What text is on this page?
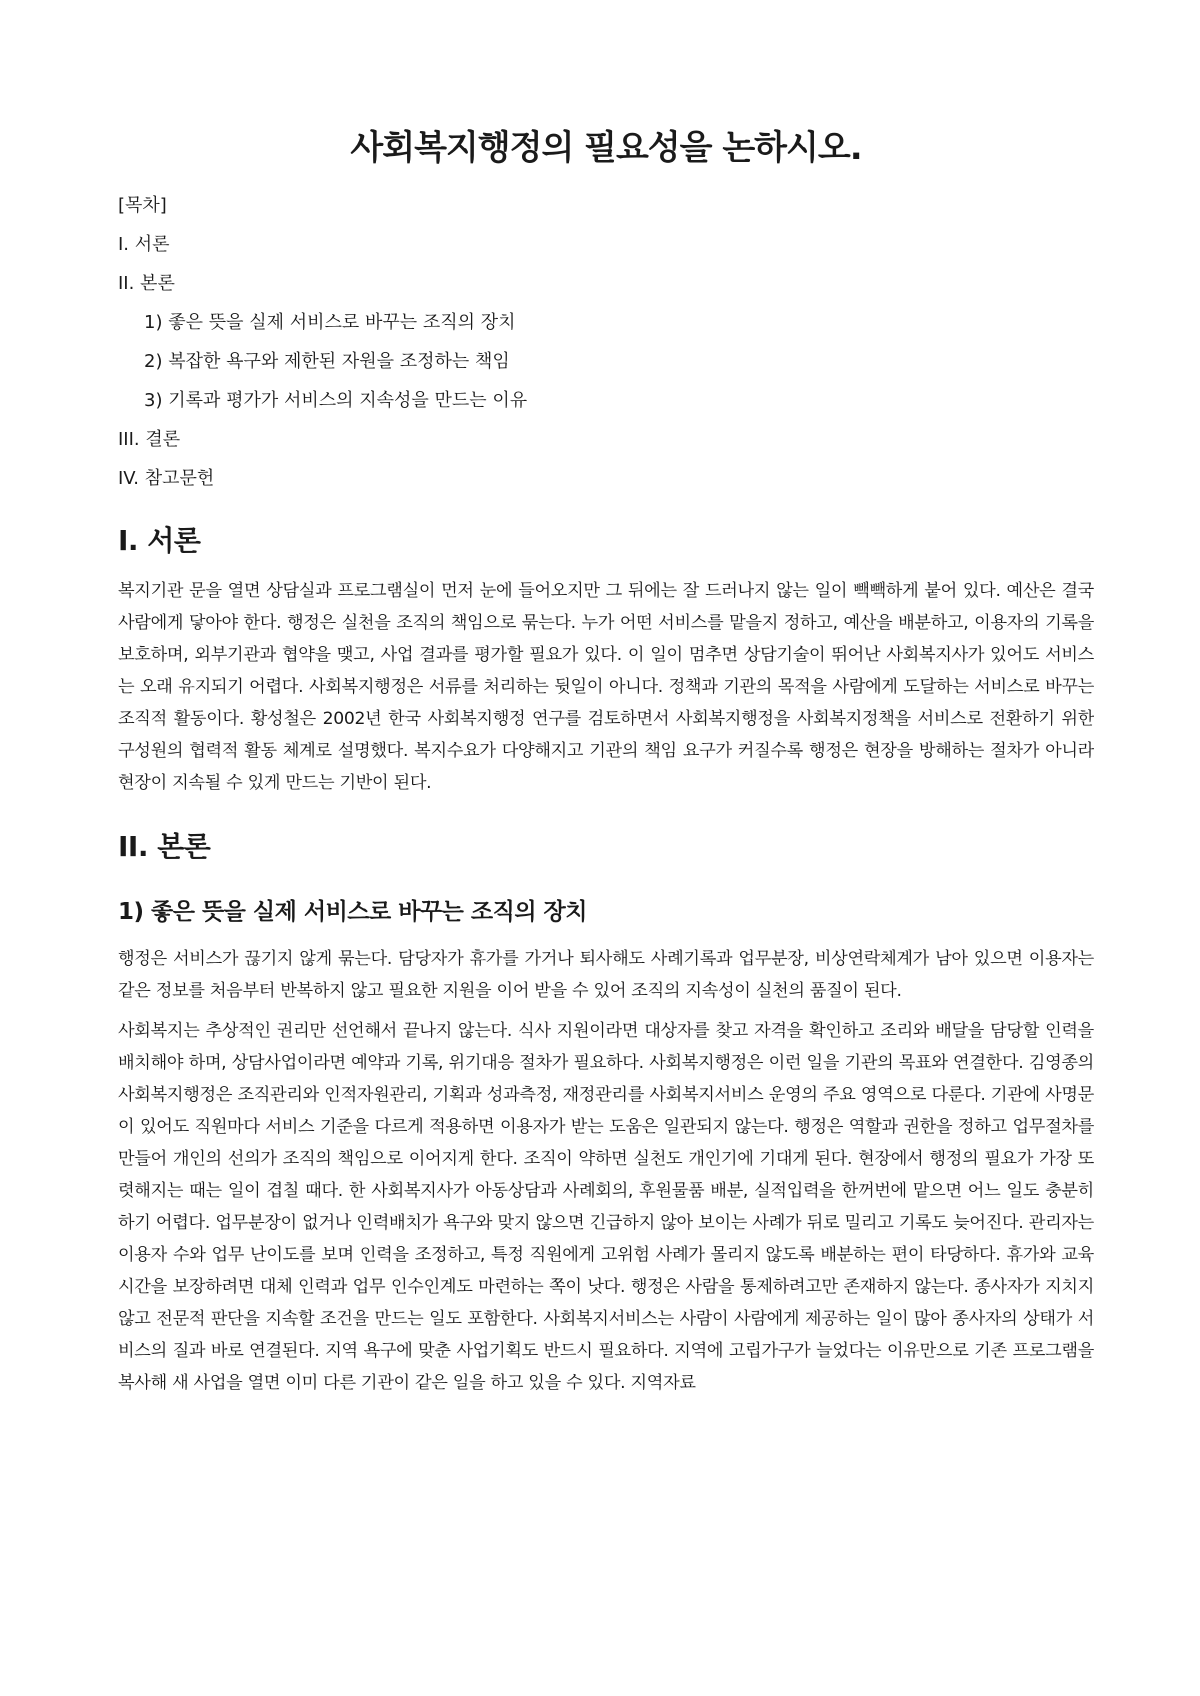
사회복지행정의 필요성을 논하시오.
[목차]
I. 서론
II. 본론
1) 좋은 뜻을 실제 서비스로 바꾸는 조직의 장치
2) 복잡한 욕구와 제한된 자원을 조정하는 책임
3) 기록과 평가가 서비스의 지속성을 만드는 이유
III. 결론
IV. 참고문헌
I. 서론

복지기관 문을 열면 상담실과 프로그램실이 먼저 눈에 들어오지만 그 뒤에는 잘 드러나지 않는 일이 빽빽하게 붙어 있다. 예산은 결국 사람에게 닿아야 한다. 행정은 실천을 조직의 책임으로 묶는다. 누가 어떤 서비스를 맡을지 정하고, 예산을 배분하고, 이용자의 기록을 보호하며, 외부기관과 협약을 맺고, 사업 결과를 평가할 필요가 있다. 이 일이 멈추면 상담기술이 뛰어난 사회복지사가 있어도 서비스는 오래 유지되기 어렵다. 사회복지행정은 서류를 처리하는 뒷일이 아니다. 정책과 기관의 목적을 사람에게 도달하는 서비스로 바꾸는 조직적 활동이다. 황성철은 2002년 한국 사회복지행정 연구를 검토하면서 사회복지행정을 사회복지정책을 서비스로 전환하기 위한 구성원의 협력적 활동 체계로 설명했다. 복지수요가 다양해지고 기관의 책임 요구가 커질수록 행정은 현장을 방해하는 절차가 아니라 현장이 지속될 수 있게 만드는 기반이 된다.

II. 본론
1) 좋은 뜻을 실제 서비스로 바꾸는 조직의 장치

행정은 서비스가 끊기지 않게 묶는다. 담당자가 휴가를 가거나 퇴사해도 사례기록과 업무분장, 비상연락체계가 남아 있으면 이용자는 같은 정보를 처음부터 반복하지 않고 필요한 지원을 이어 받을 수 있어 조직의 지속성이 실천의 품질이 된다.

사회복지는 추상적인 권리만 선언해서 끝나지 않는다. 식사 지원이라면 대상자를 찾고 자격을 확인하고 조리와 배달을 담당할 인력을 배치해야 하며, 상담사업이라면 예약과 기록, 위기대응 절차가 필요하다. 사회복지행정은 이런 일을 기관의 목표와 연결한다. 김영종의 사회복지행정은 조직관리와 인적자원관리, 기획과 성과측정, 재정관리를 사회복지서비스 운영의 주요 영역으로 다룬다. 기관에 사명문이 있어도 직원마다 서비스 기준을 다르게 적용하면 이용자가 받는 도움은 일관되지 않는다. 행정은 역할과 권한을 정하고 업무절차를 만들어 개인의 선의가 조직의 책임으로 이어지게 한다. 조직이 약하면 실천도 개인기에 기대게 된다. 현장에서 행정의 필요가 가장 또렷해지는 때는 일이 겹칠 때다. 한 사회복지사가 아동상담과 사례회의, 후원물품 배분, 실적입력을 한꺼번에 맡으면 어느 일도 충분히 하기 어렵다. 업무분장이 없거나 인력배치가 욕구와 맞지 않으면 긴급하지 않아 보이는 사례가 뒤로 밀리고 기록도 늦어진다. 관리자는 이용자 수와 업무 난이도를 보며 인력을 조정하고, 특정 직원에게 고위험 사례가 몰리지 않도록 배분하는 편이 타당하다. 휴가와 교육시간을 보장하려면 대체 인력과 업무 인수인계도 마련하는 쪽이 낫다. 행정은 사람을 통제하려고만 존재하지 않는다. 종사자가 지치지 않고 전문적 판단을 지속할 조건을 만드는 일도 포함한다. 사회복지서비스는 사람이 사람에게 제공하는 일이 많아 종사자의 상태가 서비스의 질과 바로 연결된다. 지역 욕구에 맞춘 사업기획도 반드시 필요하다. 지역에 고립가구가 늘었다는 이유만으로 기존 프로그램을 복사해 새 사업을 열면 이미 다른 기관이 같은 일을 하고 있을 수 있다. 지역자료
